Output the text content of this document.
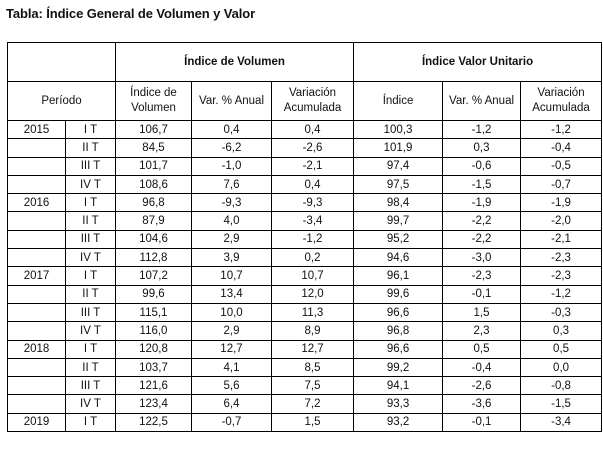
Tabla: Índice General de Volumen y Valor
		Índice de Volumen			Índice Valor Unitario		
Período		Índice de Volumen	Var. % Anual	Variación Acumulada	Índice	Var. % Anual	Variación Acumulada
2015	I T	106,7	0,4	0,4	100,3	-1,2	-1,2
	II T	84,5	-6,2	-2,6	101,9	0,3	-0,4
	III T	101,7	-1,0	-2,1	97,4	-0,6	-0,5
	IV T	108,6	7,6	0,4	97,5	-1,5	-0,7
2016	I T	96,8	-9,3	-9,3	98,4	-1,9	-1,9
	II T	87,9	4,0	-3,4	99,7	-2,2	-2,0
	III T	104,6	2,9	-1,2	95,2	-2,2	-2,1
	IV T	112,8	3,9	0,2	94,6	-3,0	-2,3
2017	I T	107,2	10,7	10,7	96,1	-2,3	-2,3
	II T	99,6	13,4	12,0	99,6	-0,1	-1,2
	III T	115,1	10,0	11,3	96,6	1,5	-0,3
	IV T	116,0	2,9	8,9	96,8	2,3	0,3
2018	I T	120,8	12,7	12,7	96,6	0,5	0,5
	II T	103,7	4,1	8,5	99,2	-0,4	0,0
	III T	121,6	5,6	7,5	94,1	-2,6	-0,8
	IV T	123,4	6,4	7,2	93,3	-3,6	-1,5
2019	I T	122,5	-0,7	1,5	93,2	-0,1	-3,4
